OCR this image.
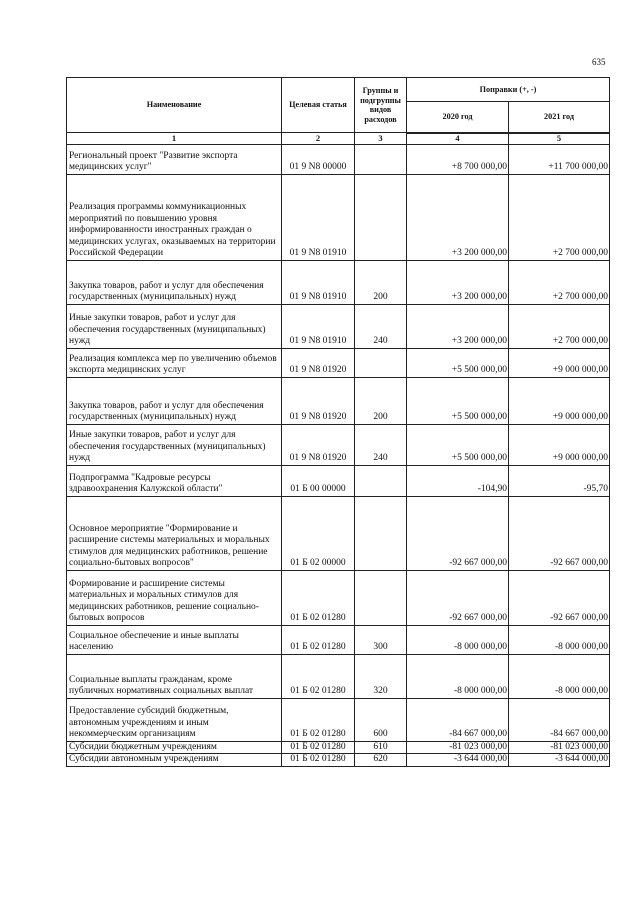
635
Наименование	Целевая статья	Группы и подгруппы видов расходов	Поправки (+, -)	
			2020 год	2021 год
1	2	3	4	5
Региональный проект "Развитие экспорта медицинских услуг"	01 9 N8 00000		+8 700 000,00	+11 700 000,00
Реализация программы коммуникационных мероприятий по повышению уровня информированности иностранных граждан о медицинских услугах, оказываемых на территории Российской Федерации	01 9 N8 01910		+3 200 000,00	+2 700 000,00
Закупка товаров, работ и услуг для обеспечения государственных (муниципальных) нужд	01 9 N8 01910	200	+3 200 000,00	+2 700 000,00
Иные закупки товаров, работ и услуг для обеспечения государственных (муниципальных) нужд	01 9 N8 01910	240	+3 200 000,00	+2 700 000,00
Реализация комплекса мер по увеличению объемов экспорта медицинских услуг	01 9 N8 01920		+5 500 000,00	+9 000 000,00
Закупка товаров, работ и услуг для обеспечения государственных (муниципальных) нужд	01 9 N8 01920	200	+5 500 000,00	+9 000 000,00
Иные закупки товаров, работ и услуг для обеспечения государственных (муниципальных) нужд	01 9 N8 01920	240	+5 500 000,00	+9 000 000,00
Подпрограмма "Кадровые ресурсы здравоохранения Калужской области"	01 Б 00 00000		-104,90	-95,70
Основное мероприятие "Формирование и расширение системы материальных и моральных стимулов для медицинских работников, решение социально-бытовых вопросов"	01 Б 02 00000		-92 667 000,00	-92 667 000,00
Формирование и расширение системы материальных и моральных стимулов для медицинских работников, решение социально-бытовых вопросов	01 Б 02 01280		-92 667 000,00	-92 667 000,00
Социальное обеспечение и иные выплаты населению	01 Б 02 01280	300	-8 000 000,00	-8 000 000,00
Социальные выплаты гражданам, кроме публичных нормативных социальных выплат	01 Б 02 01280	320	-8 000 000,00	-8 000 000,00
Предоставление субсидий бюджетным, автономным учреждениям и иным некоммерческим организациям	01 Б 02 01280	600	-84 667 000,00	-84 667 000,00
Субсидии бюджетным учреждениям	01 Б 02 01280	610	-81 023 000,00	-81 023 000,00
Субсидии автономным учреждениям	01 Б 02 01280	620	-3 644 000,00	-3 644 000,00
